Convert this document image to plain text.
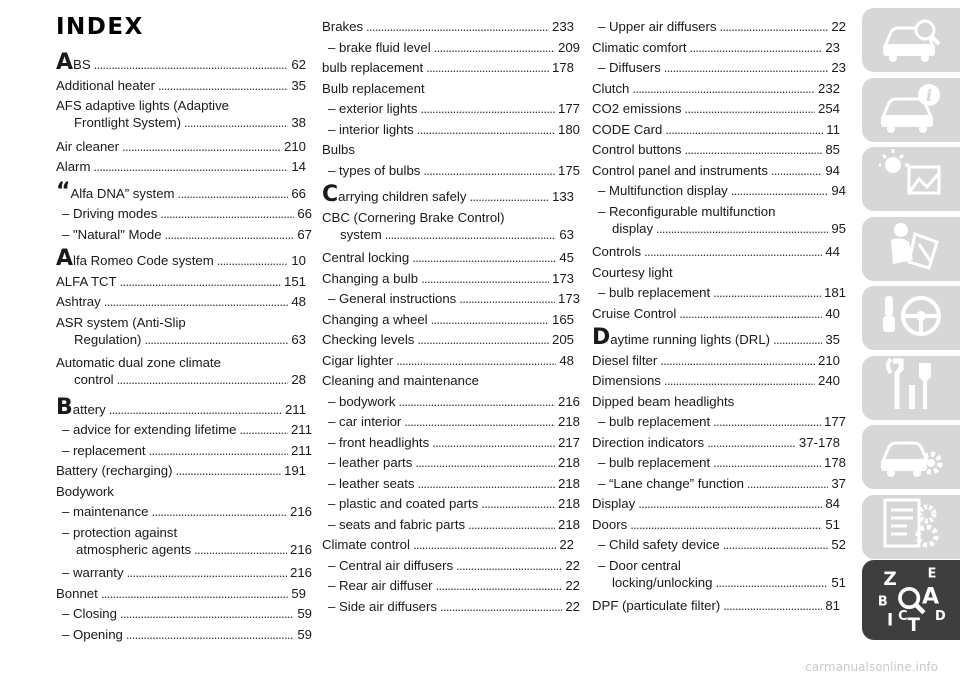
INDEX
ABS . . .	62
Additional heater . . .	35
AFS adaptive lights (Adaptive
Frontlight System) . . .	38
Air cleaner . . .	210
Alarm . . .	14
“Alfa DNA” system . . .	66
– Driving modes . . .	66
– "Natural" Mode . . .	67
Alfa Romeo Code system . . .	10
ALFA TCT . . .	151
Ashtray . . .	48
ASR system (Anti-Slip
Regulation) . . .	63
Automatic dual zone climate
control . . .	28
Battery . . .	211
– advice for extending lifetime . . .	211
– replacement . . .	211
Battery (recharging) . . .	191
Bodywork
– maintenance . . .	216
– protection against
atmospheric agents . . .	216
– warranty . . .	216
Bonnet . . .	59
– Closing . . .	59
– Opening . . .	59
Brakes . . .	233
– brake fluid level . . .	209
bulb replacement . . .	178
Bulb replacement
– exterior lights . . .	177
– interior lights . . .	180
Bulbs
– types of bulbs . . .	175
Carrying children safely . . .	133
CBC (Cornering Brake Control)
system . . .	63
Central locking . . .	45
Changing a bulb . . .	173
– General instructions . . .	173
Changing a wheel . . .	165
Checking levels . . .	205
Cigar lighter . . .	48
Cleaning and maintenance
– bodywork . . .	216
– car interior . . .	218
– front headlights . . .	217
– leather parts . . .	218
– leather seats . . .	218
– plastic and coated parts . . .	218
– seats and fabric parts . . .	218
Climate control . . .	22
– Central air diffusers . . .	22
– Rear air diffuser . . .	22
– Side air diffusers . . .	22
– Upper air diffusers . . .	22
Climatic comfort . . .	23
– Diffusers . . .	23
Clutch . . .	232
CO2 emissions . . .	254
CODE Card . . .	11
Control buttons . . .	85
Control panel and instruments . . .	94
– Multifunction display . . .	94
– Reconfigurable multifunction
display . . .	95
Controls . . .	44
Courtesy light
– bulb replacement . . .	181
Cruise Control . . .	40
Daytime running lights (DRL) . . .	35
Diesel filter . . .	210
Dimensions . . .	240
Dipped beam headlights
– bulb replacement . . .	177
Direction indicators . . .	37-178
– bulb replacement . . .	178
– “Lane change” function . . .	37
Display . . .	84
Doors . . .	51
– Child safety device . . .	52
– Door central
locking/unlocking . . .	51
DPF (particulate filter) . . .	81
i
Z E
B A
D
I C T
carmanualsonline.info
